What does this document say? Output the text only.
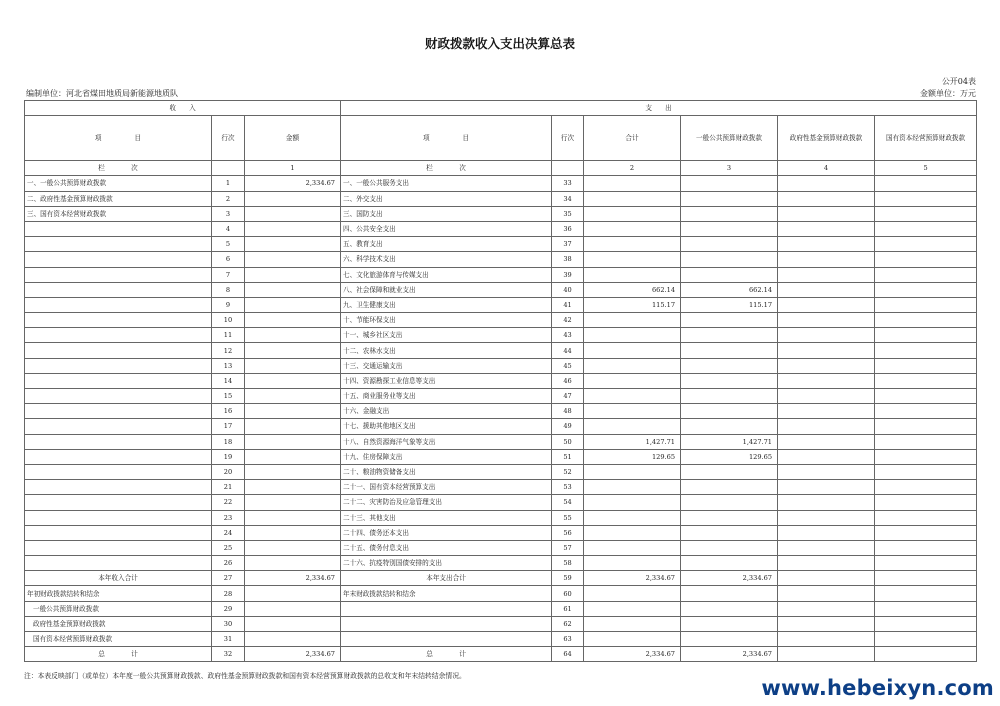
财政拨款收入支出决算总表
公开04表
编制单位：河北省煤田地质局新能源地质队	金额单位：万元
收　　入			支　　出					
项　　　　　目	行次	金额	项　　　　　目	行次	合计	一般公共预算财政拨款	政府性基金预算财政拨款	国有资本经营预算财政拨款
栏　　　　次		1	栏　　　　次		2	3	4	5
一、一般公共预算财政拨款	1	2,334.67	一、一般公共服务支出	33				
二、政府性基金预算财政拨款	2		二、外交支出	34				
三、国有资本经营财政拨款	3		三、国防支出	35				
	4		四、公共安全支出	36				
	5		五、教育支出	37				
	6		六、科学技术支出	38				
	7		七、文化旅游体育与传媒支出	39				
	8		八、社会保障和就业支出	40	662.14	662.14		
	9		九、卫生健康支出	41	115.17	115.17		
	10		十、节能环保支出	42				
	11		十一、城乡社区支出	43				
	12		十二、农林水支出	44				
	13		十三、交通运输支出	45				
	14		十四、资源勘探工业信息等支出	46				
	15		十五、商业服务业等支出	47				
	16		十六、金融支出	48				
	17		十七、援助其他地区支出	49				
	18		十八、自然资源海洋气象等支出	50	1,427.71	1,427.71		
	19		十九、住房保障支出	51	129.65	129.65		
	20		二十、粮油物资储备支出	52				
	21		二十一、国有资本经营预算支出	53				
	22		二十二、灾害防治及应急管理支出	54				
	23		二十三、其他支出	55				
	24		二十四、债务还本支出	56				
	25		二十五、债务付息支出	57				
	26		二十六、抗疫特别国债安排的支出	58				
本年收入合计	27	2,334.67	本年支出合计	59	2,334.67	2,334.67		
年初财政拨款结转和结余	28		年末财政拨款结转和结余	60				
一般公共预算财政拨款	29			61				
政府性基金预算财政拨款	30			62				
国有资本经营预算财政拨款	31			63				
总　　　　计	32	2,334.67	总　　　　计	64	2,334.67	2,334.67		
注：本表反映部门（或单位）本年度一般公共预算财政拨款、政府性基金预算财政拨款和国有资本经营预算财政拨款的总收支和年末结转结余情况。	www.hebeixyn.com
